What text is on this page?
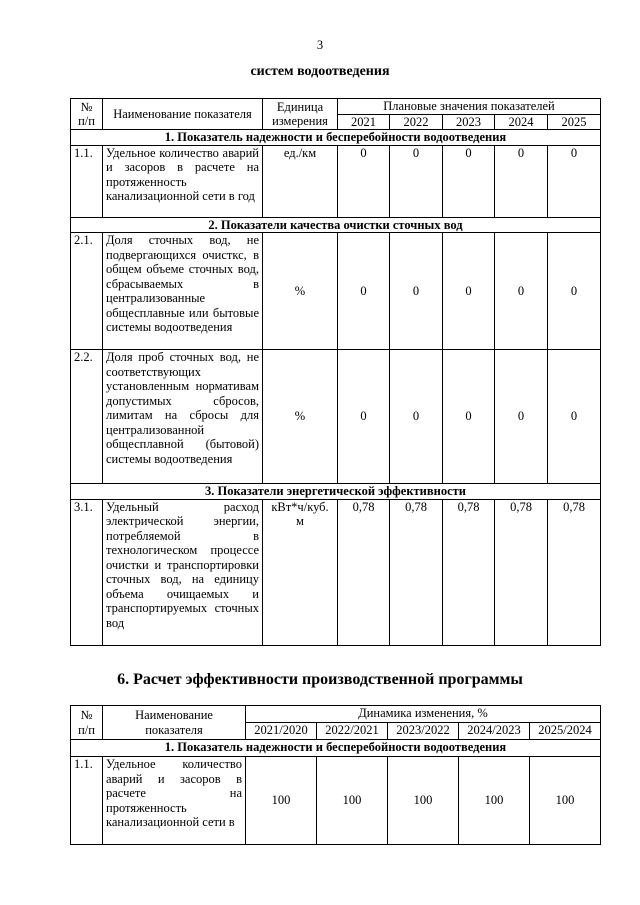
3
систем водоотведения
№ п/п	Наименование показателя	Единица измерения	Плановые значения показателей				
			2021	2022	2023	2024	2025
1. Показатель надежности и бесперебойности водоотведения							
1.1.	Удельное количество аварий и засоров в расчете на протяженность канализационной сети в год	ед./км	0	0	0	0	0
2. Показатели качества очистки сточных вод							
2.1.	Доля сточных вод, не подвергающихся очисткс, в общем объеме сточных вод, сбрасываемых в централизованные общесплавные или бытовые системы водоотведения	%	0	0	0	0	0
2.2.	Доля проб сточных вод, не соответствующих установленным нормативам допустимых сбросов, лимитам на сбросы для централизованной общесплавной (бытовой) системы водоотведения	%	0	0	0	0	0
3. Показатели энергетической эффективности							
3.1.	Удельный расход электрической энергии, потребляемой в технологическом процессе очистки и транспортировки сточных вод, на единицу объема очищаемых и транспортируемых сточных вод	кВт*ч/куб. м	0,78	0,78	0,78	0,78	0,78
6. Расчет эффективности производственной программы
№ п/п	Наименование показателя	Динамика изменения, %				
		2021/2020	2022/2021	2023/2022	2024/2023	2025/2024
1. Показатель надежности и бесперебойности водоотведения						
1.1.	Удельное количество аварий и засоров в расчете на протяженность канализационной сети в	100	100	100	100	100
